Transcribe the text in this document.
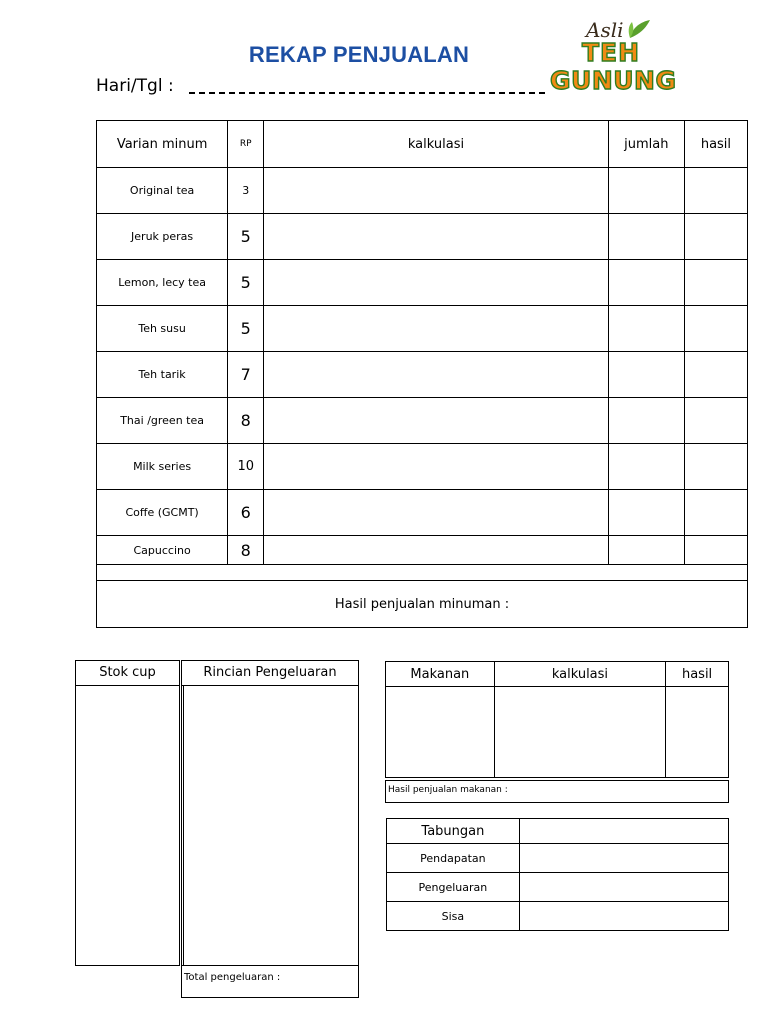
REKAP PENJUALAN
Hari/Tgl :
Asli
TEH
GUNUNG
Varian minum	RP	kalkulasi	jumlah	hasil
Original tea	3			
Jeruk peras	5			
Lemon, lecy tea	5			
Teh susu	5			
Teh tarik	7			
Thai /green tea	8			
Milk series	10			
Coffe (GCMT)	6			
Capuccino	8			

Hasil penjualan minuman :				
Stok cup	Rincian Pengeluaran
Total pengeluaran :
Makanan	kalkulasi	hasil

Hasil penjualan makanan :
Tabungan	
Pendapatan	
Pengeluaran	
Sisa	
